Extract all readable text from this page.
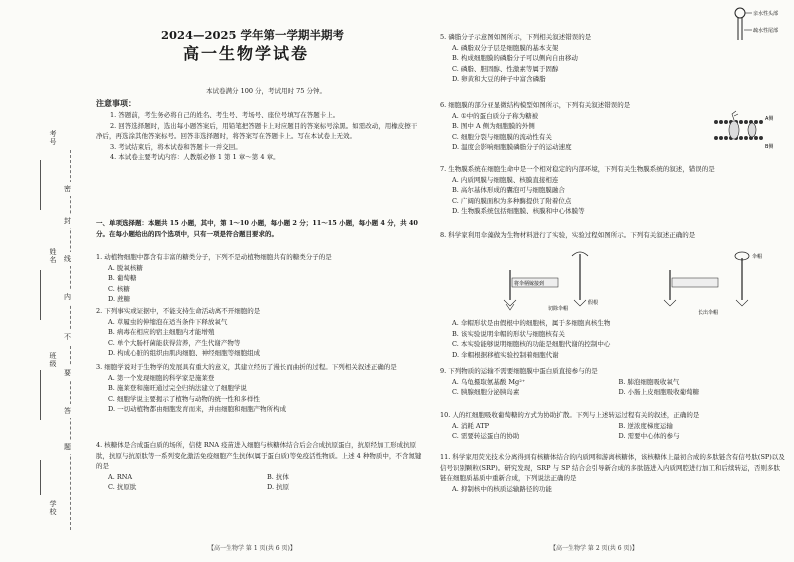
考号
姓名
班级
学校
密
封
线
内
不
要
答
题
2024—2025 学年第一学期半期考
高一生物学试卷
本试卷满分 100 分，考试用时 75 分钟。
注意事项：

1. 答题前，考生务必将自己的姓名、考生号、考场号、座位号填写在答题卡上。

2. 回答选择题时，选出每小题答案后，用铅笔把答题卡上对应题目的答案标号涂黑。如需改动，用橡皮擦干净后，再选涂其他答案标号。回答非选择题时，将答案写在答题卡上。写在本试卷上无效。

3. 考试结束后，将本试卷和答题卡一并交回。

4. 本试卷主要考试内容：人教版必修 1 第 1 章～第 4 章。

一、单项选择题：本题共 15 小题，其中，第 1～10 小题，每小题 2 分；11～15 小题，每小题 4 分，共 40 分。在每小题给出的四个选项中，只有一项是符合题目要求的。
1. 动植物细胞中都含有丰富的糖类分子，下列不是动植物细胞共有的糖类分子的是
A. 脱氧核糖
B. 葡萄糖
C. 核糖
D. 蔗糖
2. 下列事实或证据中，不能支持生命活动离不开细胞的是
A. 草履虫的伸缩泡在适当条件下释放氧气
B. 病毒在相应的宿主细胞内才能增殖
C. 单个大肠杆菌能获得营养，产生代谢产物等
D. 构成心脏的组织由肌肉细胞、神经细胞等细胞组成
3. 细胞学说对于生物学的发展具有重大的意义，其建立经历了漫长而曲折的过程。下列相关叙述正确的是
A. 第一个发现细胞的科学家是施莱登
B. 施莱登和施旺通过完全归纳法建立了细胞学说
C. 细胞学说主要揭示了植物与动物的统一性和多样性
D. 一切动植物都由细胞发育而来，并由细胞和细胞产物所构成
4. 核糖体是合成蛋白质的场所，信使 RNA 疫苗进入细胞与核糖体结合后会合成抗原蛋白，抗原经加工形成抗原肽，抗原与抗原肽等一系列变化激活免疫细胞产生抗体(属于蛋白质)等免疫活性物质。上述 4 种物质中，不含氮键的是
A. RNA	B. 抗体
C. 抗原肽	D. 抗原
【高一生物学 第 1 页(共 6 页)】
5. 磷脂分子示意图如图所示，下列相关叙述错误的是
A. 磷脂双分子层是细胞膜的基本支架
B. 构成细胞膜的磷脂分子可以侧向自由移动
C. 磷脂、胆固醇、性激素等属于固醇
D. 卵黄和大豆的种子中富含磷脂
亲水性头部
疏水性尾部
6. 细胞膜的部分亚显微结构模型如图所示，下列有关叙述错误的是
A. ①中的蛋白质分子称为糖被
B. 图中 A 侧为细胞膜的外侧
C. 细胞分裂与细胞膜的流动性有关
D. 温度会影响细胞膜磷脂分子的运动速度
A侧
B侧
7. 生物膜系统在细胞生命中是一个相对稳定的内部环境，下列有关生物膜系统的叙述，错误的是
A. 内质网膜与细胞膜、核膜直接相连
B. 高尔基体形成的囊泡可与细胞膜融合
C. 广阔的膜面积为多种酶提供了附着位点
D. 生物膜系统包括细胞膜、核膜和中心体膜等
8. 科学家利用伞藻做为生物材料进行了实验，实验过程如图所示。下列有关叙述正确的是
将伞柄嫁接到
切除伞帽
假根
伞帽
长出伞帽
A. 伞帽形状是由假根中的细胞核，属于多细胞真核生物
B. 该实验说明伞帽的形状与细胞核有关
C. 本实验能够说明细胞核的功能是细胞代谢的控制中心
D. 伞帽根据移植实验控制着细胞代谢
9. 下列物质的运输不需要细胞膜中蛋白质直接参与的是
A. 乌龟摄取氨基酸 Mg²⁺	B. 肺泡细胞吸收氧气
C. 胰腺细胞分泌胰岛素	D. 小肠上皮细胞吸收葡萄糖
10. 人的红细胞吸收葡萄糖的方式为协助扩散。下列与上述转运过程有关的叙述，正确的是
A. 消耗 ATP	B. 逆浓度梯度运输
C. 需要转运蛋白的协助	D. 需要中心体的参与
11. 科学家用荧光技术分离得到有核糖体结合的内质网和游离核糖体，该核糖体上最初合成的多肽链含有信号肽(SP)以及信号识别颗粒(SRP)。研究发现，SRP 与 SP 结合会引导新合成的多肽链进入内质网腔进行加工和后续转运，否则多肽链在细胞质基质中重新合成，下列说法正确的是
A. 抑制核中的核质运输路径的功能
【高一生物学 第 2 页(共 6 页)】
